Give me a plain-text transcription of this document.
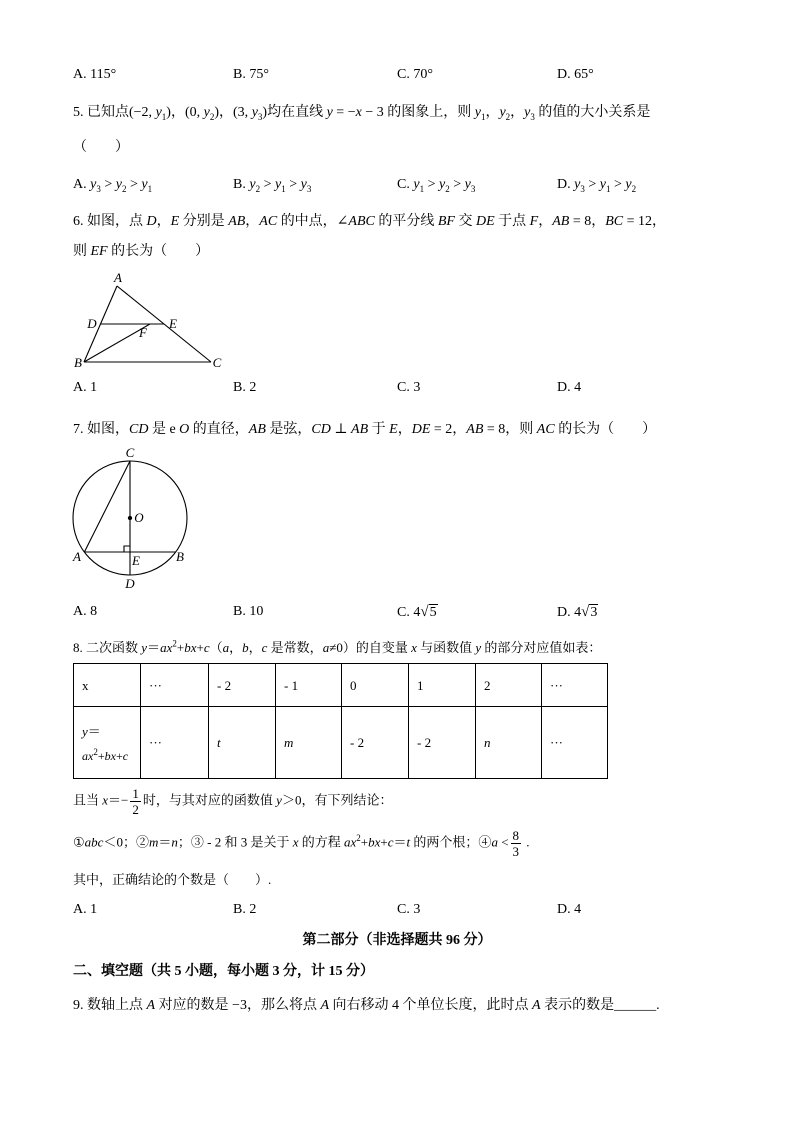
A. 115°	B. 75°	C. 70°	D. 65°
5. 已知点(−2, $y_1$)，(0, $y_2$)，(3, $y_3$)均在直线 y = −x − 3 的图象上，则 $y_1$，$y_2$，$y_3$ 的值的大小关系是
（　　）
A. $y_3 > y_2 > y_1$	B. $y_2 > y_1 > y_3$	C. $y_1 > y_2 > y_3$	D. $y_3 > y_1 > y_2$
6. 如图，点 D，E 分别是 AB，AC 的中点，∠ABC 的平分线 BF 交 DE 于点 F，AB = 8，BC = 12，
则 EF 的长为（　　）
A
D	E
F
B	C
A. 1	B. 2	C. 3	D. 4
7. 如图，CD 是 e O 的直径，AB 是弦，CD ⊥ AB 于 E，DE = 2，AB = 8，则 AC 的长为（　　）
C
O
A	E	B
D
A. 8	B. 10	C. 4√5	D. 4√3
8. 二次函数 $y=ax^2+bx+c(a$，b，c 是常数，a≠0）的自变量 x 与函数值 y 的部分对应值如表：
x	···	- 2	- 1	0	1	2	···

y＝
$ax^2+bx+c$	···	t	m	- 2	- 2	n	···
且当 $x=- \frac{1}{2}$ 时，与其对应的函数值 y＞0，有下列结论：
①abc＜0；②m＝n；③ - 2 和 3 是关于 x 的方程 $ax^2+bx+c=t$ 的两个根；④a < $\frac{8}{3}$ .
其中，正确结论的个数是（　　）.
A. 1	B. 2	C. 3	D. 4
第二部分（非选择题共 96 分）
二、填空题（共 5 小题，每小题 3 分，计 15 分）
9. 数轴上点 A 对应的数是 −3，那么将点 A 向右移动 4 个单位长度，此时点 A 表示的数是______.
